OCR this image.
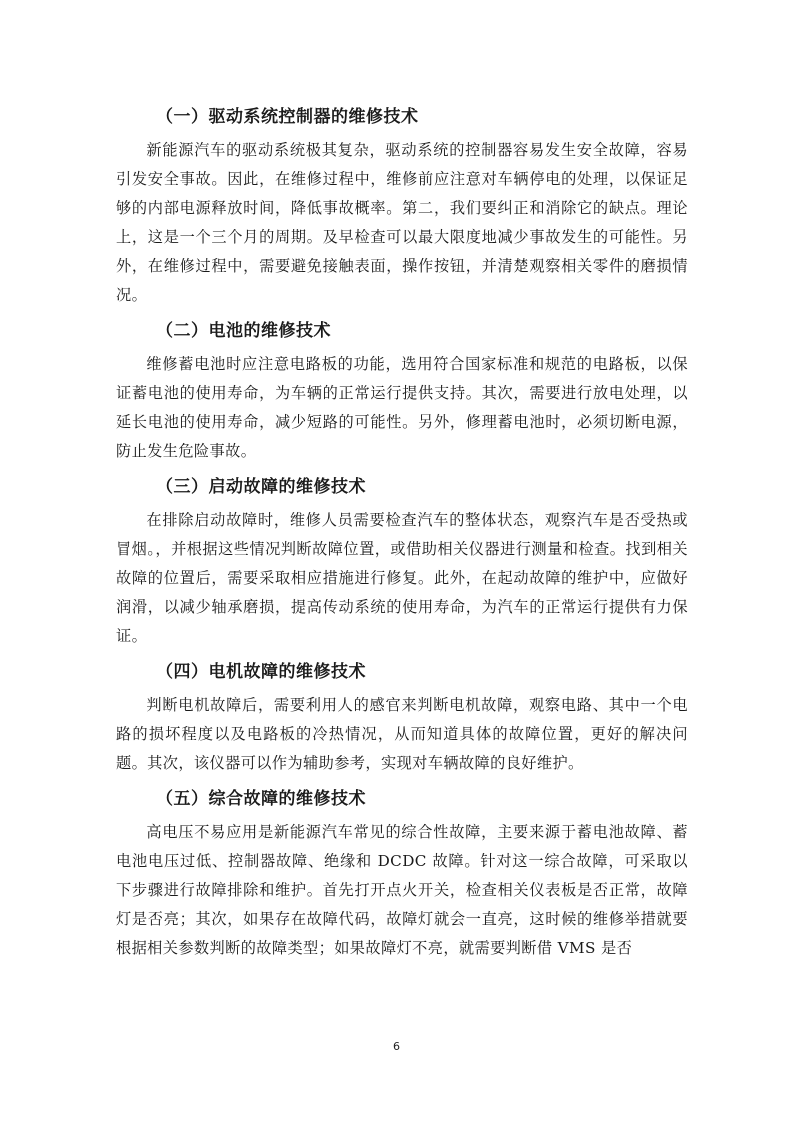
（一）驱动系统控制器的维修技术

新能源汽车的驱动系统极其复杂，驱动系统的控制器容易发生安全故障，容易引发安全事故。因此，在维修过程中，维修前应注意对车辆停电的处理，以保证足够的内部电源释放时间，降低事故概率。第二，我们要纠正和消除它的缺点。理论上，这是一个三个月的周期。及早检查可以最大限度地减少事故发生的可能性。另外，在维修过程中，需要避免接触表面，操作按钮，并清楚观察相关零件的磨损情况。

（二）电池的维修技术

维修蓄电池时应注意电路板的功能，选用符合国家标准和规范的电路板，以保证蓄电池的使用寿命，为车辆的正常运行提供支持。其次，需要进行放电处理，以延长电池的使用寿命，减少短路的可能性。另外，修理蓄电池时，必须切断电源，防止发生危险事故。

（三）启动故障的维修技术

在排除启动故障时，维修人员需要检查汽车的整体状态，观察汽车是否受热或冒烟。，并根据这些情况判断故障位置，或借助相关仪器进行测量和检查。找到相关故障的位置后，需要采取相应措施进行修复。此外，在起动故障的维护中，应做好润滑，以减少轴承磨损，提高传动系统的使用寿命，为汽车的正常运行提供有力保证。

（四）电机故障的维修技术

判断电机故障后，需要利用人的感官来判断电机故障，观察电路、其中一个电路的损坏程度以及电路板的冷热情况，从而知道具体的故障位置，更好的解决问题。其次，该仪器可以作为辅助参考，实现对车辆故障的良好维护。

（五）综合故障的维修技术

高电压不易应用是新能源汽车常见的综合性故障，主要来源于蓄电池故障、蓄电池电压过低、控制器故障、绝缘和 DCDC 故障。针对这一综合故障，可采取以下步骤进行故障排除和维护。首先打开点火开关，检查相关仪表板是否正常，故障灯是否亮；其次，如果存在故障代码，故障灯就会一直亮，这时候的维修举措就要根据相关参数判断的故障类型；如果故障灯不亮，就需要判断借 VMS 是否

6
